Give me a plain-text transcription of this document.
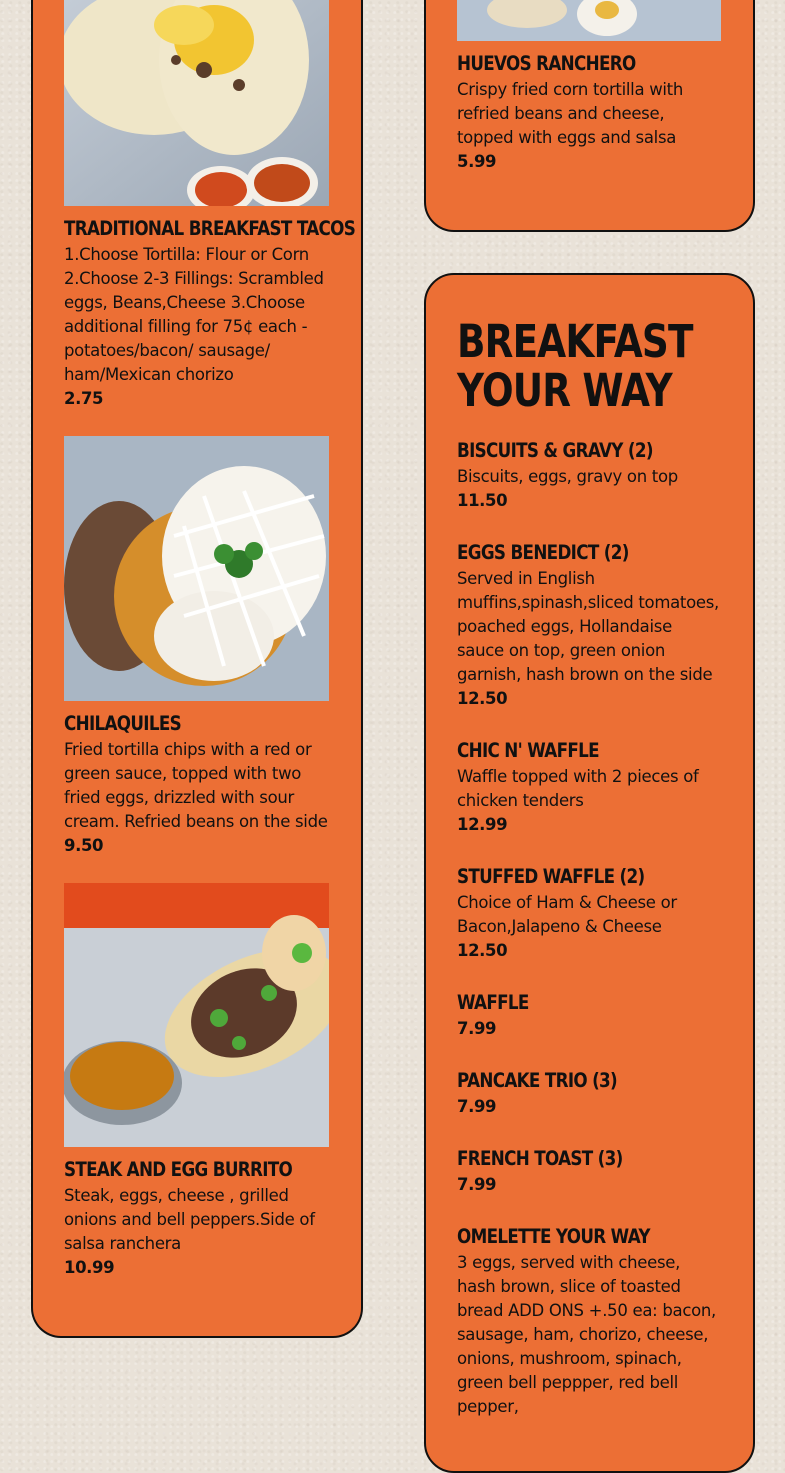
TRADITIONAL BREAKFAST TACOS

1.Choose Tortilla: Flour or Corn 2.Choose 2-3 Fillings: Scrambled eggs, Beans,Cheese 3.Choose additional filling for 75¢ each - potatoes/bacon/ sausage/ ham/Mexican chorizo

2.75

CHILAQUILES

Fried tortilla chips with a red or green sauce, topped with two fried eggs, drizzled with sour cream. Refried beans on the side

9.50

STEAK AND EGG BURRITO

Steak, eggs, cheese , grilled onions and bell peppers.Side of salsa ranchera

10.99

HUEVOS RANCHERO

Crispy fried corn tortilla with refried beans and cheese, topped with eggs and salsa

5.99

BREAKFAST
YOUR WAY
BISCUITS & GRAVY (2)

Biscuits, eggs, gravy on top

11.50

EGGS BENEDICT (2)

Served in English muffins,spinash,sliced tomatoes, poached eggs, Hollandaise sauce on top, green onion garnish, hash brown on the side

12.50

CHIC N' WAFFLE

Waffle topped with 2 pieces of chicken tenders

12.99

STUFFED WAFFLE (2)

Choice of Ham & Cheese or Bacon,Jalapeno & Cheese

12.50

WAFFLE

7.99

PANCAKE TRIO (3)

7.99

FRENCH TOAST (3)

7.99

OMELETTE YOUR WAY

3 eggs, served with cheese, hash brown, slice of toasted bread ADD ONS +.50 ea: bacon, sausage, ham, chorizo, cheese, onions, mushroom, spinach, green bell peppper, red bell pepper,
